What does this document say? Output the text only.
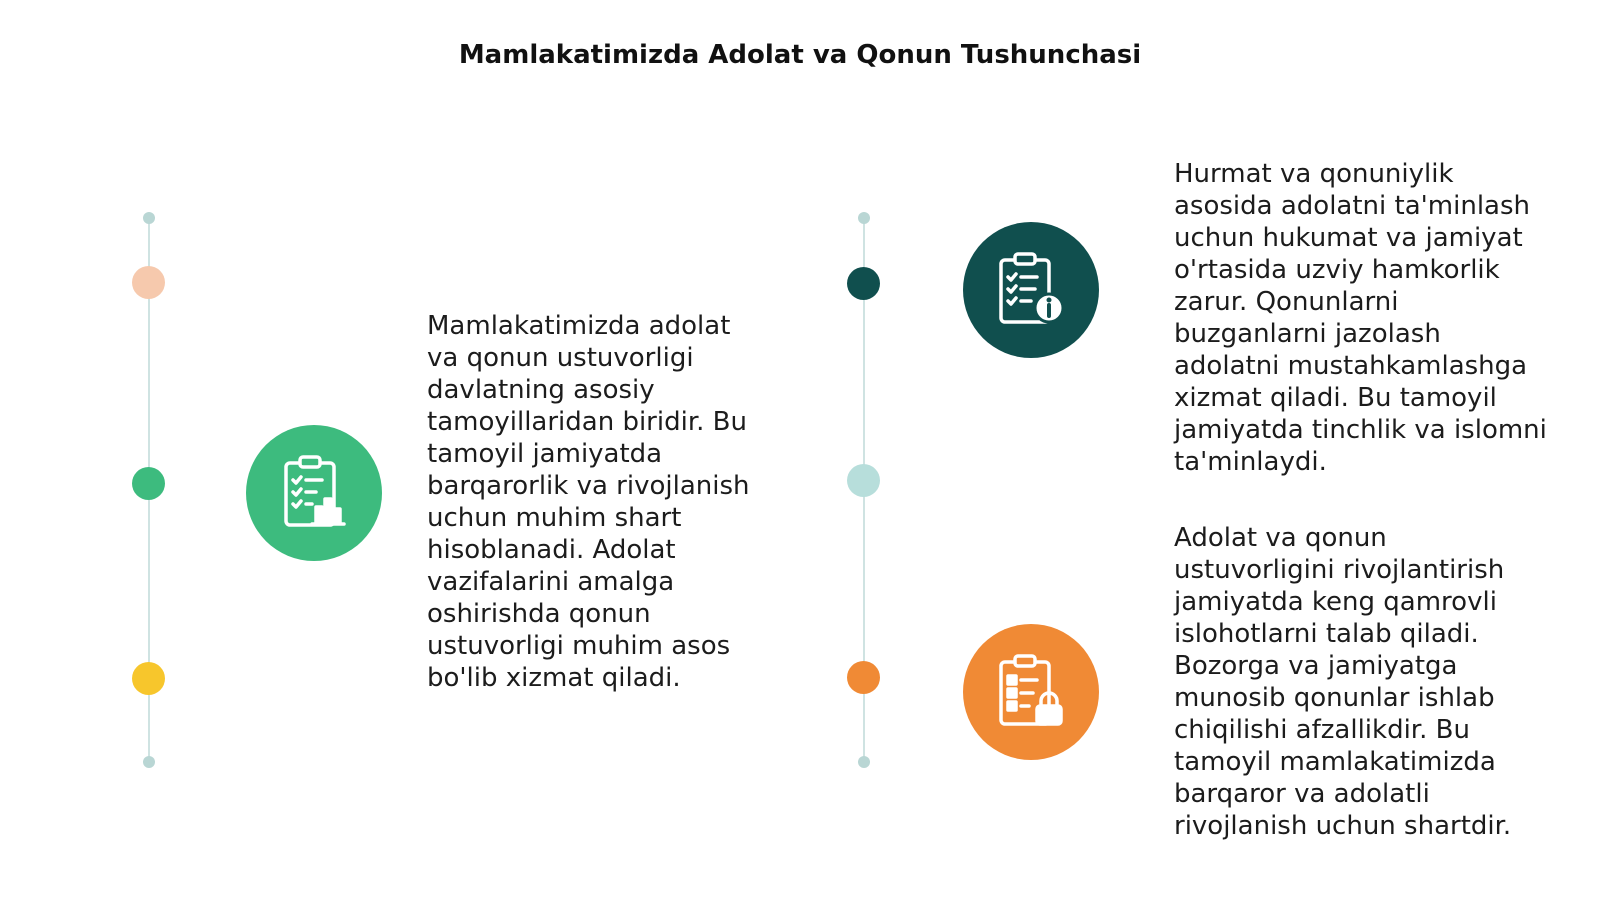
Mamlakatimizda Adolat va Qonun Tushunchasi
Mamlakatimizda adolat va qonun ustuvorligi davlatning asosiy tamoyillaridan biridir. Bu tamoyil jamiyatda barqarorlik va rivojlanish uchun muhim shart hisoblanadi. Adolat vazifalarini amalga oshirishda qonun ustuvorligi muhim asos bo'lib xizmat qiladi.
Hurmat va qonuniylik asosida adolatni ta'minlash uchun hukumat va jamiyat o'rtasida uzviy hamkorlik zarur. Qonunlarni buzganlarni jazolash adolatni mustahkamlashga xizmat qiladi. Bu tamoyil jamiyatda tinchlik va islomni ta'minlaydi.
Adolat va qonun ustuvorligini rivojlantirish jamiyatda keng qamrovli islohotlarni talab qiladi. Bozorga va jamiyatga munosib qonunlar ishlab chiqilishi afzallikdir. Bu tamoyil mamlakatimizda barqaror va adolatli rivojlanish uchun shartdir.
